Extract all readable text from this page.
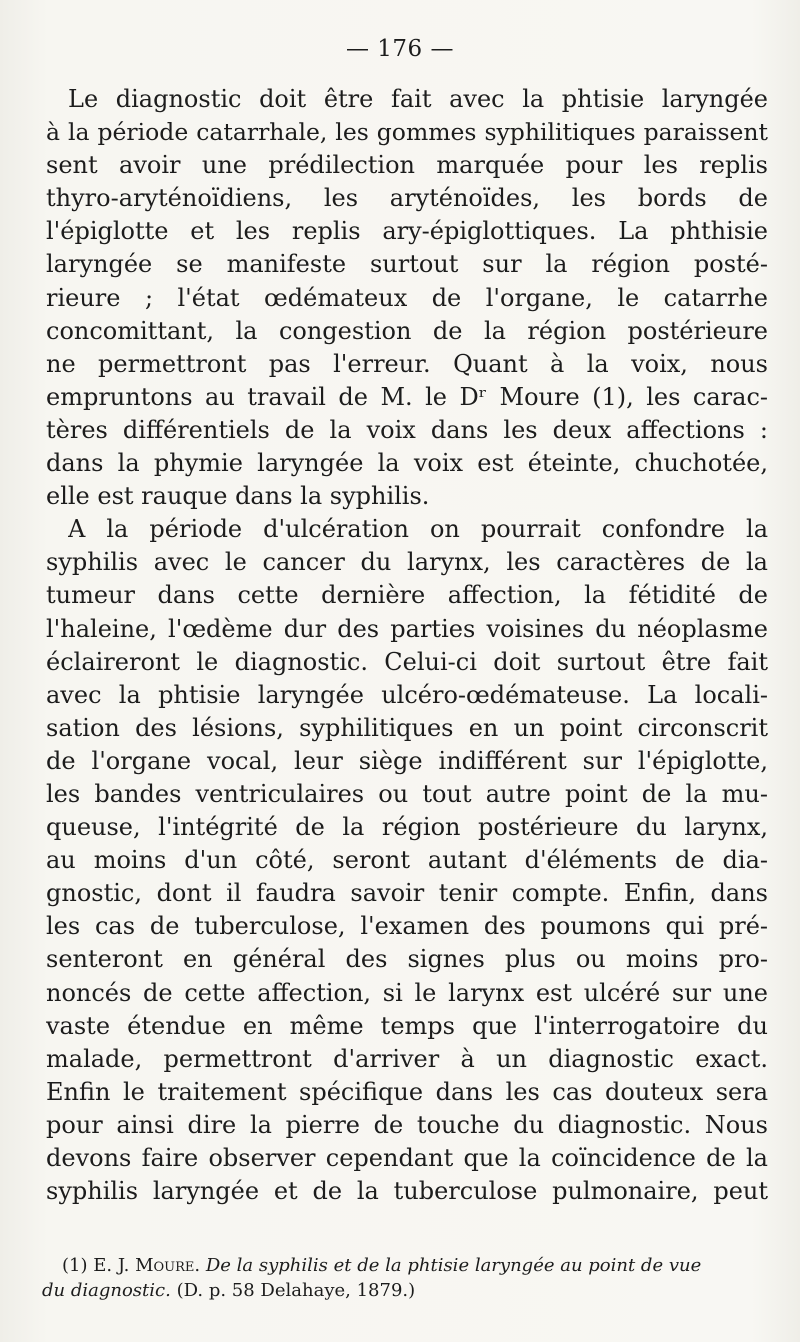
— 176 —
Le diagnostic doit être fait avec la phtisie laryngée
à la période catarrhale, les gommes syphilitiques paraissent
sent avoir une prédilection marquée pour les replis
thyro-aryténoïdiens, les aryténoïdes, les bords de
l'épiglotte et les replis ary-épiglottiques. La phthisie
laryngée se manifeste surtout sur la région posté-
rieure ; l'état œdémateux de l'organe, le catarrhe
concomittant, la congestion de la région postérieure
ne permettront pas l'erreur. Quant à la voix, nous
empruntons au travail de M. le Dʳ Moure (1), les carac-
tères différentiels de la voix dans les deux affections :
dans la phymie laryngée la voix est éteinte, chuchotée,
elle est rauque dans la syphilis.
A la période d'ulcération on pourrait confondre la
syphilis avec le cancer du larynx, les caractères de la
tumeur dans cette dernière affection, la fétidité de
l'haleine, l'œdème dur des parties voisines du néoplasme
éclaireront le diagnostic. Celui-ci doit surtout être fait
avec la phtisie laryngée ulcéro-œdémateuse. La locali-
sation des lésions, syphilitiques en un point circonscrit
de l'organe vocal, leur siège indifférent sur l'épiglotte,
les bandes ventriculaires ou tout autre point de la mu-
queuse, l'intégrité de la région postérieure du larynx,
au moins d'un côté, seront autant d'éléments de dia-
gnostic, dont il faudra savoir tenir compte. Enfin, dans
les cas de tuberculose, l'examen des poumons qui pré-
senteront en général des signes plus ou moins pro-
noncés de cette affection, si le larynx est ulcéré sur une
vaste étendue en même temps que l'interrogatoire du
malade, permettront d'arriver à un diagnostic exact.
Enfin le traitement spécifique dans les cas douteux sera
pour ainsi dire la pierre de touche du diagnostic. Nous
devons faire observer cependant que la coïncidence de la
syphilis laryngée et de la tuberculose pulmonaire, peut
(1) E. J. Moure. De la syphilis et de la phtisie laryngée au point de vue
du diagnostic. (D. p. 58 Delahaye, 1879.)
